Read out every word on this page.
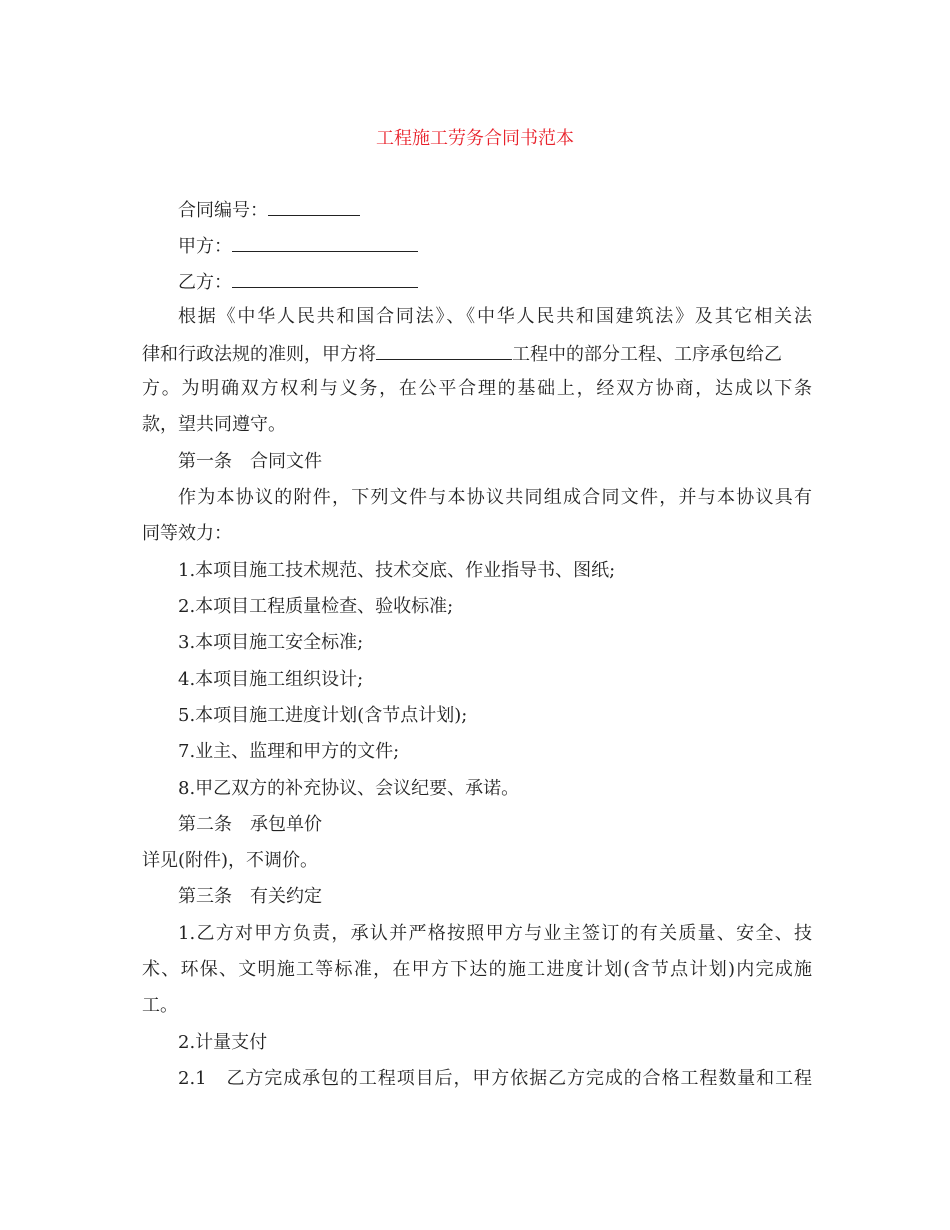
工程施工劳务合同书范本
合同编号：
甲方：
乙方：
根据《中华人民共和国合同法》、《中华人民共和国建筑法》及其它相关法
律和行政法规的准则，甲方将	工程中的部分工程、工序承包给乙
方。为明确双方权利与义务，在公平合理的基础上，经双方协商，达成以下条
款，望共同遵守。
第一条　合同文件
作为本协议的附件，下列文件与本协议共同组成合同文件，并与本协议具有
同等效力：
1.本项目施工技术规范、技术交底、作业指导书、图纸;
2.本项目工程质量检查、验收标准;
3.本项目施工安全标准;
4.本项目施工组织设计;
5.本项目施工进度计划(含节点计划);
7.业主、监理和甲方的文件;
8.甲乙双方的补充协议、会议纪要、承诺。
第二条　承包单价
详见(附件)，不调价。
第三条　有关约定
1.乙方对甲方负责，承认并严格按照甲方与业主签订的有关质量、安全、技
术、环保、文明施工等标准，在甲方下达的施工进度计划(含节点计划)内完成施
工。
2.计量支付
2.1　乙方完成承包的工程项目后，甲方依据乙方完成的合格工程数量和工程
